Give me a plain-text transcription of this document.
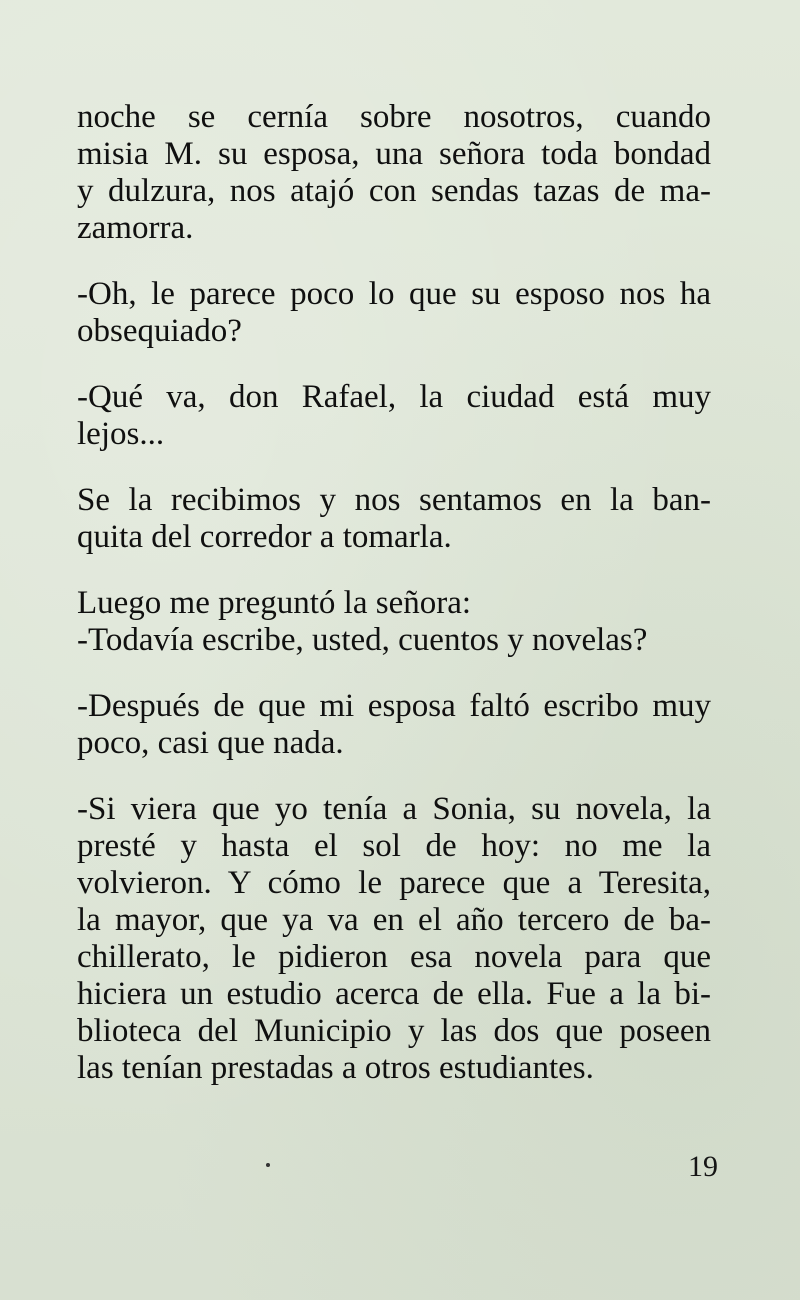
noche se cernía sobre nosotros, cuando
misia M. su esposa, una señora toda bondad
y dulzura, nos atajó con sendas tazas de ma-
zamorra.

-Oh, le parece poco lo que su esposo nos ha
obsequiado?

-Qué va, don Rafael, la ciudad está muy
lejos...

Se la recibimos y nos sentamos en la ban-
quita del corredor a tomarla.

Luego me preguntó la señora:
-Todavía escribe, usted, cuentos y novelas?

-Después de que mi esposa faltó escribo muy
poco, casi que nada.

-Si viera que yo tenía a Sonia, su novela, la
presté y hasta el sol de hoy: no me la
volvieron. Y cómo le parece que a Teresita,
la mayor, que ya va en el año tercero de ba-
chillerato, le pidieron esa novela para que
hiciera un estudio acerca de ella. Fue a la bi-
blioteca del Municipio y las dos que poseen
las tenían prestadas a otros estudiantes.

19
